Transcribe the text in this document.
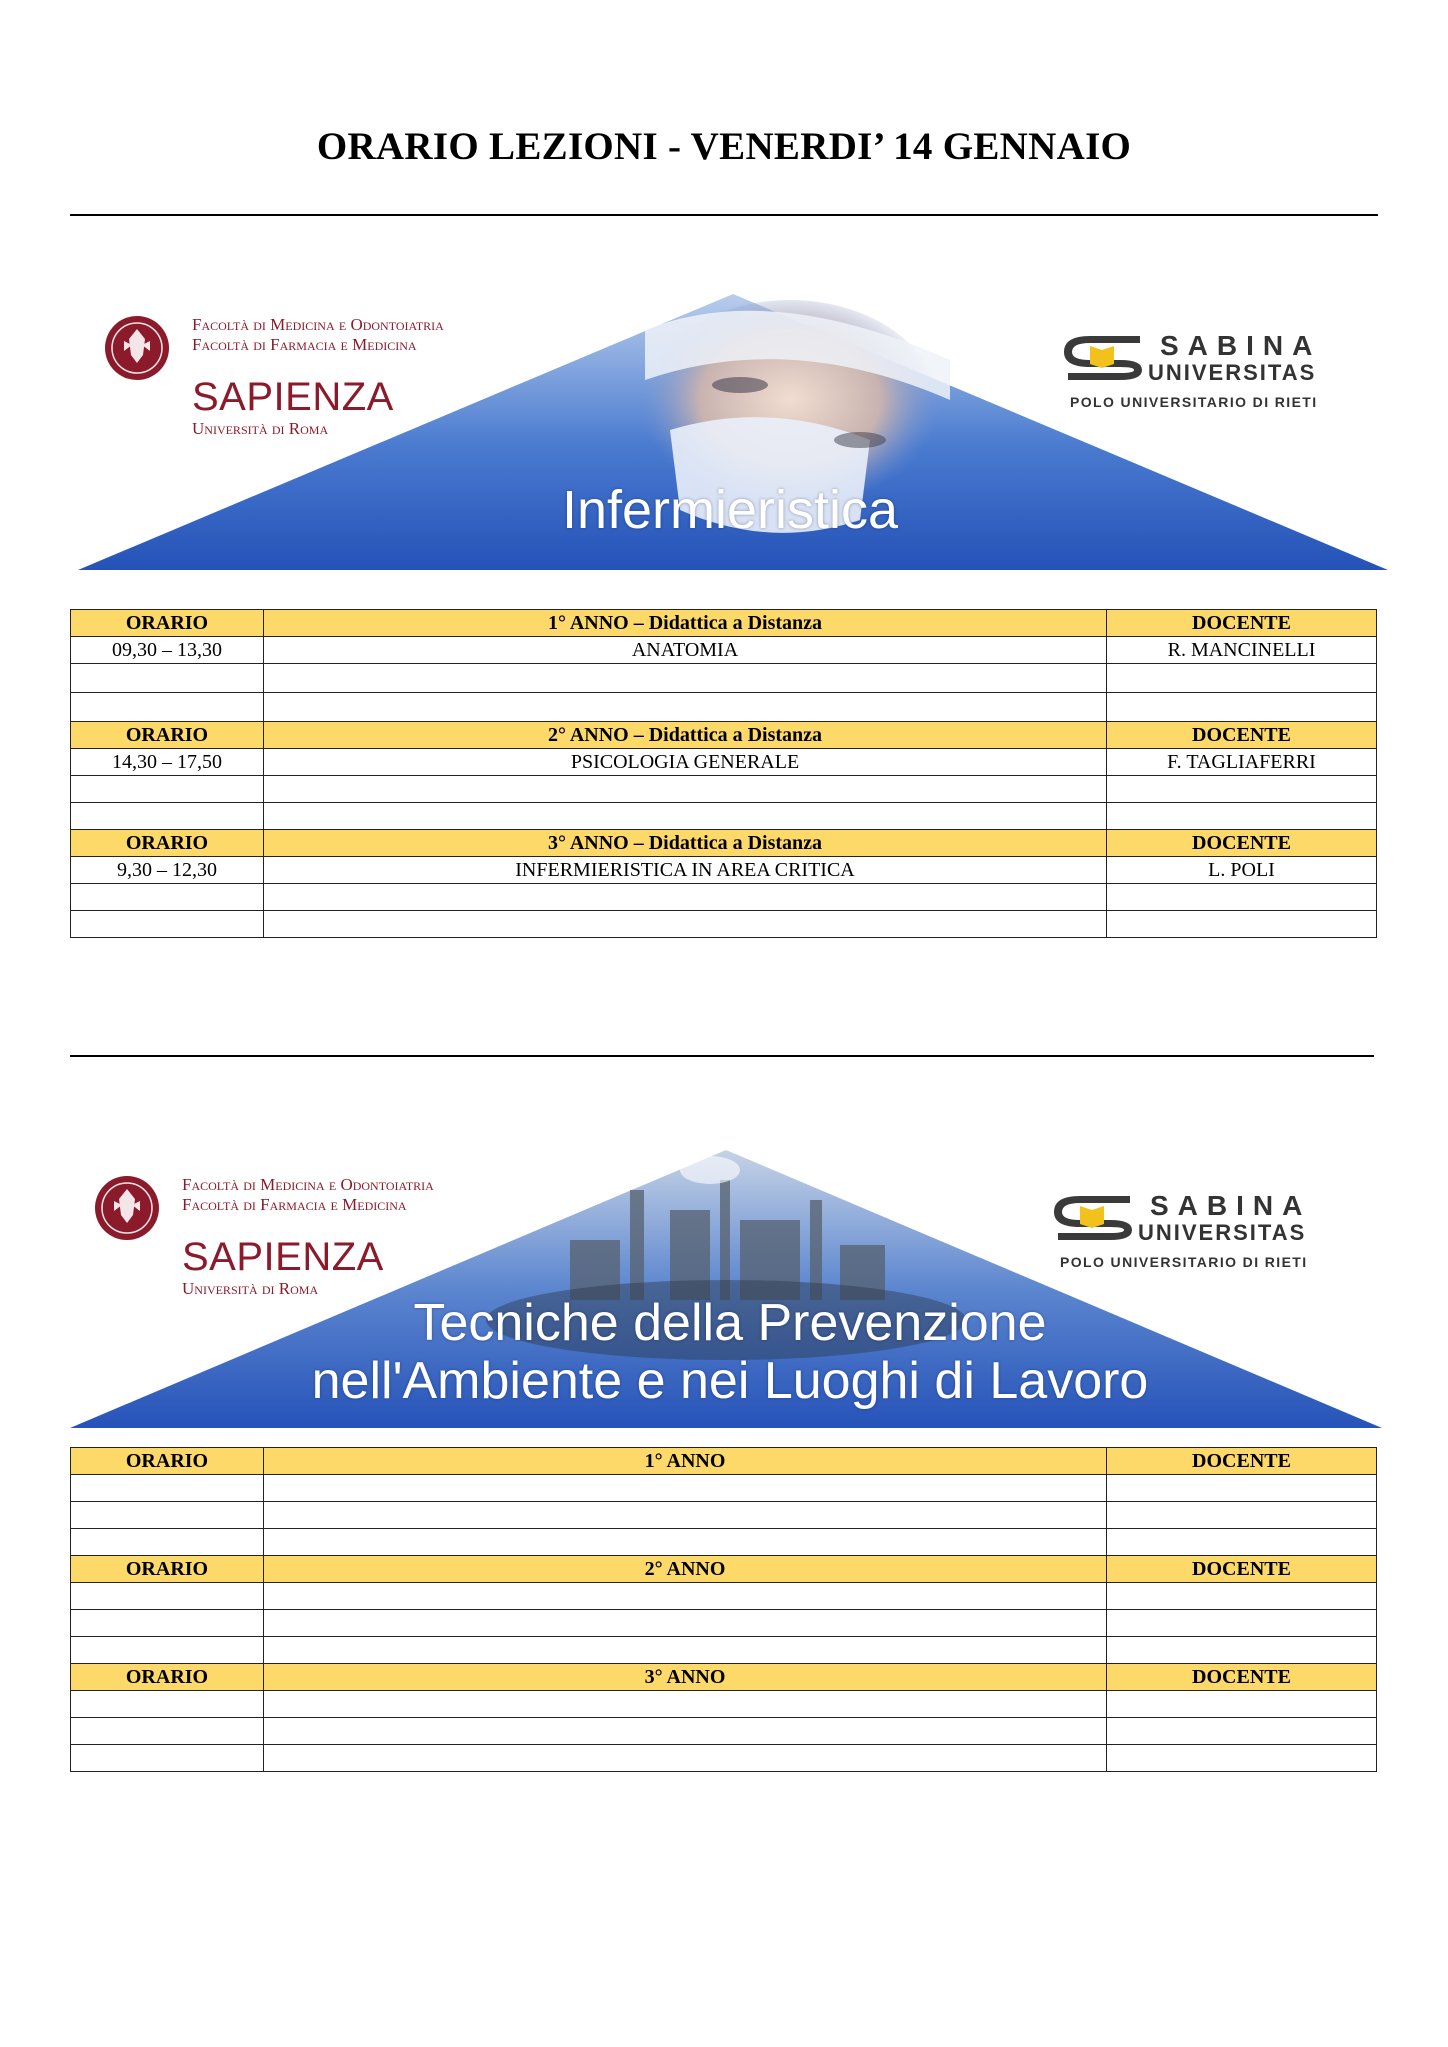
ORARIO LEZIONI - VENERDI’ 14 GENNAIO
Infermieristica
Facoltà di Medicina e Odontoiatria
Facoltà di Farmacia e Medicina
SAPIENZA
Università di Roma
SABINA
UNIVERSITAS
POLO UNIVERSITARIO DI RIETI
ORARIO	1° ANNO – Didattica a Distanza	DOCENTE
09,30 – 13,30	ANATOMIA	R. MANCINELLI

ORARIO	2° ANNO – Didattica a Distanza	DOCENTE
14,30 – 17,50	PSICOLOGIA GENERALE	F. TAGLIAFERRI

ORARIO	3° ANNO – Didattica a Distanza	DOCENTE
9,30 – 12,30	INFERMIERISTICA IN AREA CRITICA	L. POLI

Tecniche della Prevenzione
nell'Ambiente e nei Luoghi di Lavoro
Facoltà di Medicina e Odontoiatria
Facoltà di Farmacia e Medicina
SAPIENZA
Università di Roma
SABINA
UNIVERSITAS
POLO UNIVERSITARIO DI RIETI
ORARIO	1° ANNO	DOCENTE

ORARIO	2° ANNO	DOCENTE

ORARIO	3° ANNO	DOCENTE
